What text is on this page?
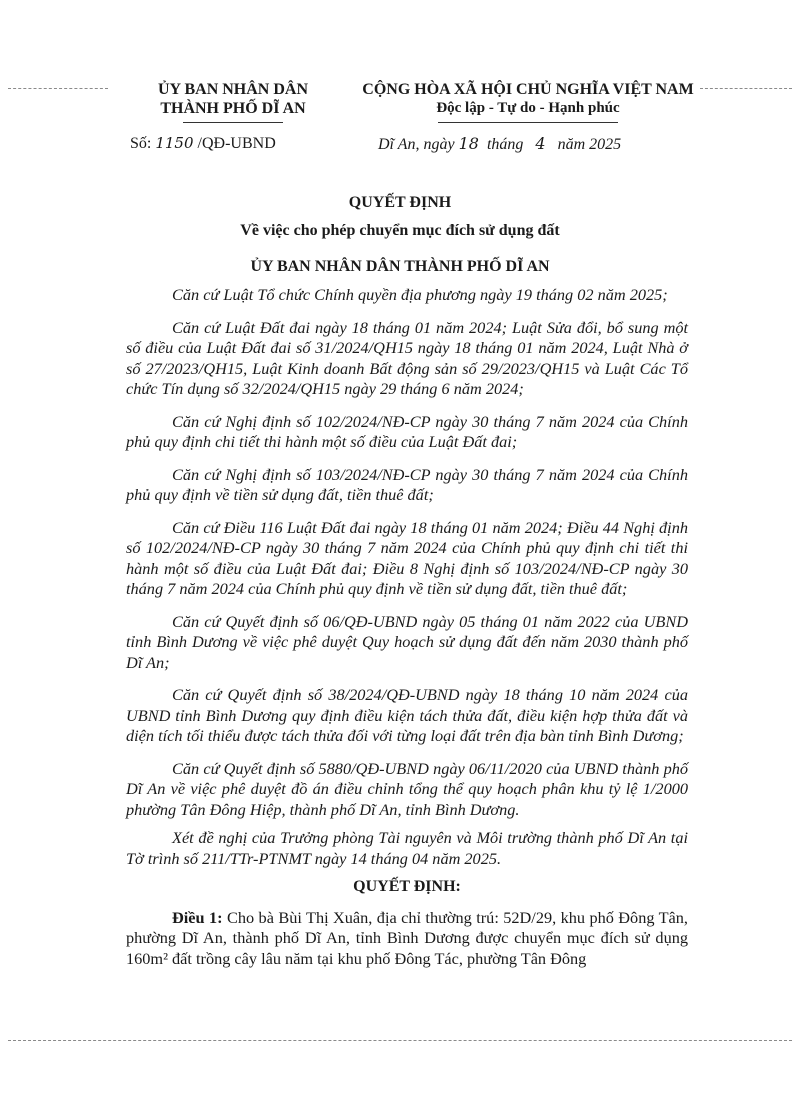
ỦY BAN NHÂN DÂN
THÀNH PHỐ DĨ AN
CỘNG HÒA XÃ HỘI CHỦ NGHĨA VIỆT NAM
Độc lập - Tự do - Hạnh phúc
Số: 1150 /QĐ-UBND	Dĩ An, ngày 18  tháng   4   năm 2025
QUYẾT ĐỊNH
Về việc cho phép chuyển mục đích sử dụng đất
ỦY BAN NHÂN DÂN THÀNH PHỐ DĨ AN

Căn cứ Luật Tổ chức Chính quyền địa phương ngày 19 tháng 02 năm 2025;

Căn cứ Luật Đất đai ngày 18 tháng 01 năm 2024; Luật Sửa đổi, bổ sung một số điều của Luật Đất đai số 31/2024/QH15 ngày 18 tháng 01 năm 2024, Luật Nhà ở số 27/2023/QH15, Luật Kinh doanh Bất động sản số 29/2023/QH15 và Luật Các Tổ chức Tín dụng số 32/2024/QH15 ngày 29 tháng 6 năm 2024;

Căn cứ Nghị định số 102/2024/NĐ-CP ngày 30 tháng 7 năm 2024 của Chính phủ quy định chi tiết thi hành một số điều của Luật Đất đai;

Căn cứ Nghị định số 103/2024/NĐ-CP ngày 30 tháng 7 năm 2024 của Chính phủ quy định về tiền sử dụng đất, tiền thuê đất;

Căn cứ Điều 116 Luật Đất đai ngày 18 tháng 01 năm 2024; Điều 44 Nghị định số 102/2024/NĐ-CP ngày 30 tháng 7 năm 2024 của Chính phủ quy định chi tiết thi hành một số điều của Luật Đất đai; Điều 8 Nghị định số 103/2024/NĐ-CP ngày 30 tháng 7 năm 2024 của Chính phủ quy định về tiền sử dụng đất, tiền thuê đất;

Căn cứ Quyết định số 06/QĐ-UBND ngày 05 tháng 01 năm 2022 của UBND tỉnh Bình Dương về việc phê duyệt Quy hoạch sử dụng đất đến năm 2030 thành phố Dĩ An;

Căn cứ Quyết định số 38/2024/QĐ-UBND ngày 18 tháng 10 năm 2024 của UBND tỉnh Bình Dương quy định điều kiện tách thửa đất, điều kiện hợp thửa đất và diện tích tối thiểu được tách thửa đối với từng loại đất trên địa bàn tỉnh Bình Dương;

Căn cứ Quyết định số 5880/QĐ-UBND ngày 06/11/2020 của UBND thành phố Dĩ An về việc phê duyệt đồ án điều chỉnh tổng thể quy hoạch phân khu tỷ lệ 1/2000 phường Tân Đông Hiệp, thành phố Dĩ An, tỉnh Bình Dương.

Xét đề nghị của Trưởng phòng Tài nguyên và Môi trường thành phố Dĩ An tại Tờ trình số 211/TTr-PTNMT ngày 14 tháng 04 năm 2025.

QUYẾT ĐỊNH:

Điều 1: Cho bà Bùi Thị Xuân, địa chỉ thường trú: 52D/29, khu phố Đông Tân, phường Dĩ An, thành phố Dĩ An, tỉnh Bình Dương được chuyển mục đích sử dụng 160m² đất trồng cây lâu năm tại khu phố Đông Tác, phường Tân Đông
